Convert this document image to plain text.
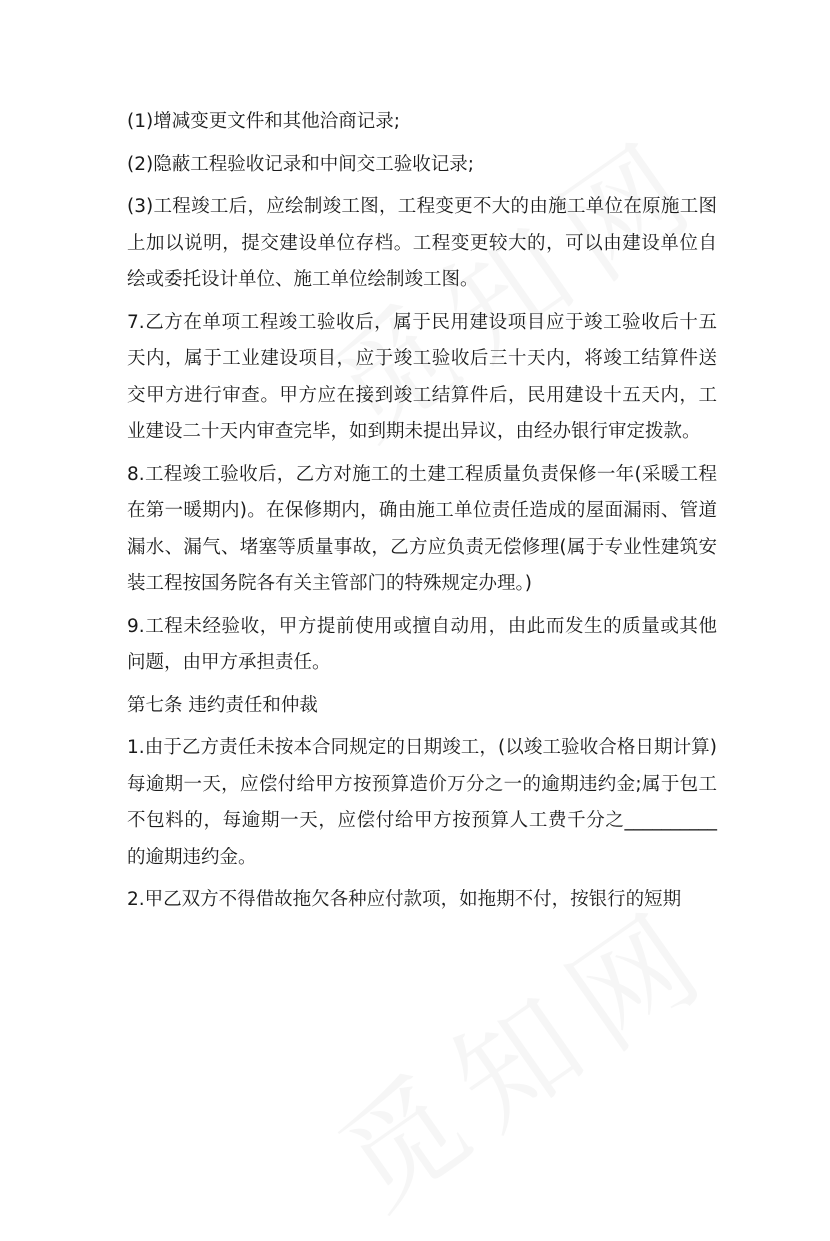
(1)增减变更文件和其他洽商记录;

(2)隐蔽工程验收记录和中间交工验收记录;

(3)工程竣工后，应绘制竣工图，工程变更不大的由施工单位在原施工图上加以说明，提交建设单位存档。工程变更较大的，可以由建设单位自绘或委托设计单位、施工单位绘制竣工图。

7.乙方在单项工程竣工验收后，属于民用建设项目应于竣工验收后十五天内，属于工业建设项目，应于竣工验收后三十天内，将竣工结算件送交甲方进行审查。甲方应在接到竣工结算件后，民用建设十五天内，工业建设二十天内审查完毕，如到期未提出异议，由经办银行审定拨款。

8.工程竣工验收后，乙方对施工的土建工程质量负责保修一年(采暖工程在第一暖期内)。在保修期内，确由施工单位责任造成的屋面漏雨、管道漏水、漏气、堵塞等质量事故，乙方应负责无偿修理(属于专业性建筑安装工程按国务院各有关主管部门的特殊规定办理。)

9.工程未经验收，甲方提前使用或擅自动用，由此而发生的质量或其他问题，由甲方承担责任。

第七条 违约责任和仲裁

1.由于乙方责任未按本合同规定的日期竣工，(以竣工验收合格日期计算)每逾期一天，应偿付给甲方按预算造价万分之一的逾期违约金;属于包工不包料的，每逾期一天，应偿付给甲方按预算人工费千分之__________的逾期违约金。

2.甲乙双方不得借故拖欠各种应付款项，如拖期不付，按银行的短期
